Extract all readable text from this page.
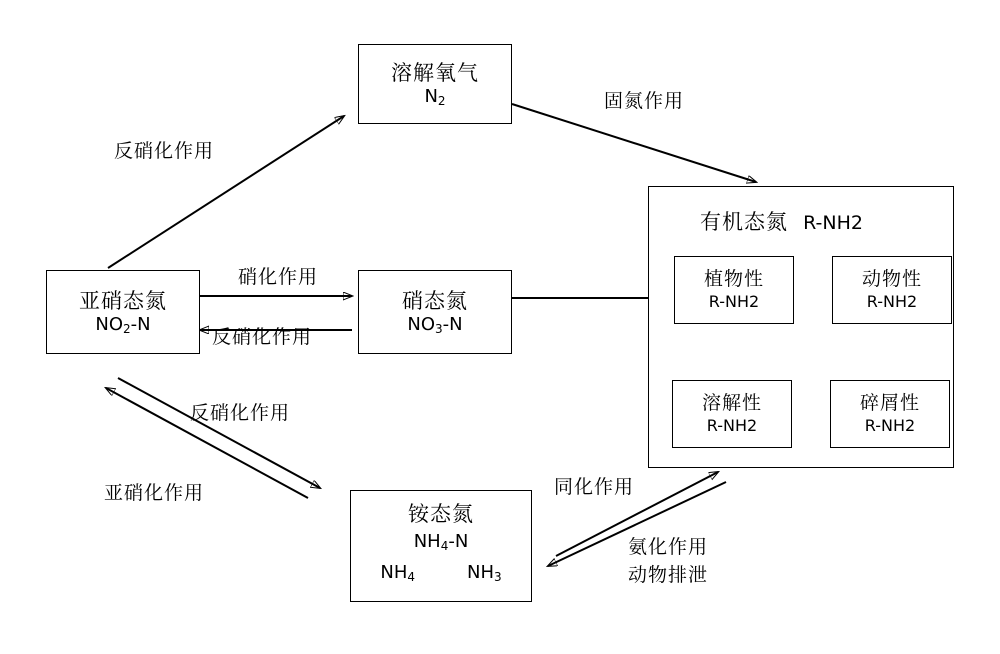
溶解氧气
N2
亚硝态氮
NO2-N
硝态氮
NO3-N
铵态氮
NH4-N
NH4	NH3
有机态氮 R-NH2
植物性
R-NH2
动物性
R-NH2
溶解性
R-NH2
碎屑性
R-NH2
反硝化作用
固氮作用
硝化作用
反硝化作用
反硝化作用
亚硝化作用	同化作用
氨化作用
动物排泄
